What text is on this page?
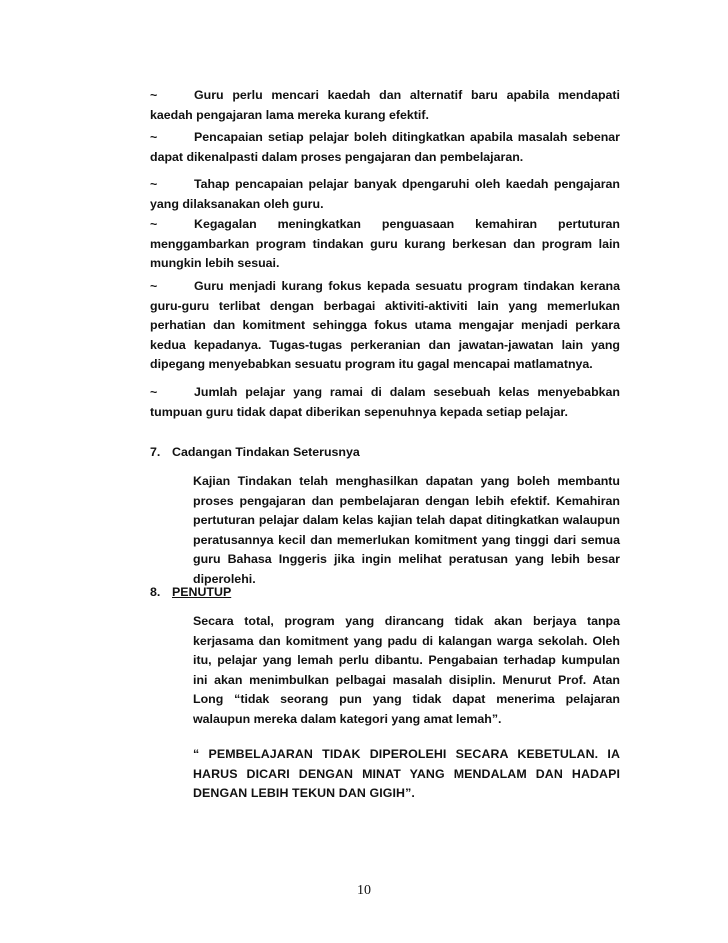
~	Guru perlu mencari kaedah dan alternatif baru apabila mendapati kaedah pengajaran lama mereka kurang efektif.
~	Pencapaian setiap pelajar boleh ditingkatkan apabila masalah sebenar dapat dikenalpasti dalam proses pengajaran dan pembelajaran.
~	Tahap pencapaian pelajar banyak dpengaruhi oleh kaedah pengajaran yang dilaksanakan oleh guru.
~	Kegagalan meningkatkan penguasaan kemahiran pertuturan menggambarkan program tindakan guru kurang berkesan dan program lain mungkin lebih sesuai.
~	Guru menjadi kurang fokus kepada sesuatu program tindakan kerana guru-guru terlibat dengan berbagai aktiviti-aktiviti lain yang memerlukan perhatian dan komitment sehingga fokus utama mengajar menjadi perkara kedua kepadanya. Tugas-tugas perkeranian dan jawatan-jawatan lain yang dipegang menyebabkan sesuatu program itu gagal mencapai matlamatnya.
~	Jumlah pelajar yang ramai di dalam sesebuah kelas menyebabkan tumpuan guru tidak dapat diberikan sepenuhnya kepada setiap pelajar.
7. Cadangan Tindakan Seterusnya
Kajian Tindakan telah menghasilkan dapatan yang boleh membantu proses pengajaran dan pembelajaran dengan lebih efektif. Kemahiran pertuturan pelajar dalam kelas kajian telah dapat ditingkatkan walaupun peratusannya kecil dan memerlukan komitment yang tinggi dari semua guru Bahasa Inggeris jika ingin melihat peratusan yang lebih besar diperolehi.
8. PENUTUP
Secara total, program yang dirancang tidak akan berjaya tanpa kerjasama dan komitment yang padu di kalangan warga sekolah. Oleh itu, pelajar yang lemah perlu dibantu. Pengabaian terhadap kumpulan ini akan menimbulkan pelbagai masalah disiplin. Menurut Prof. Atan Long “tidak seorang pun yang tidak dapat menerima pelajaran walaupun mereka dalam kategori yang amat lemah”.
“ PEMBELAJARAN TIDAK DIPEROLEHI SECARA KEBETULAN. IA HARUS DICARI DENGAN MINAT YANG MENDALAM DAN HADAPI DENGAN LEBIH TEKUN DAN GIGIH”.
10
